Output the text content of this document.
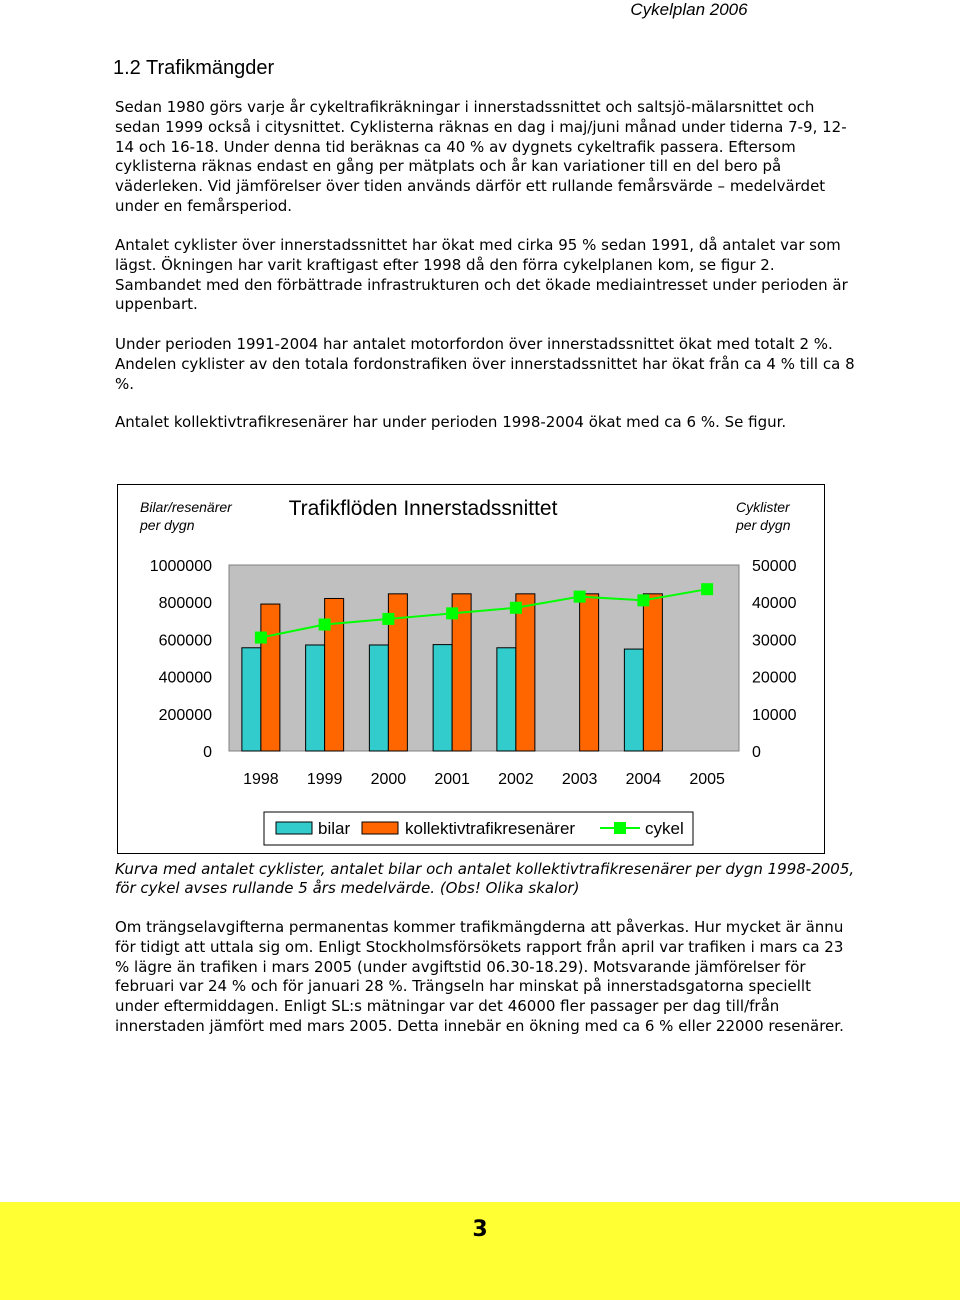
Cykelplan 2006
1.2 Trafikmängder

Sedan 1980 görs varje år cykeltrafikräkningar i innerstadssnittet och saltsjö-mälarsnittet och sedan 1999 också i citysnittet. Cyklisterna räknas en dag i maj/juni månad under tiderna 7-9, 12-14 och 16-18. Under denna tid beräknas ca 40 % av dygnets cykeltrafik passera. Eftersom cyklisterna räknas endast en gång per mätplats och år kan variationer till en del bero på väderleken. Vid jämförelser över tiden används därför ett rullande femårsvärde – medelvärdet under en femårsperiod.

Antalet cyklister över innerstadssnittet har ökat med cirka 95 % sedan 1991, då antalet var som lägst. Ökningen har varit kraftigast efter 1998 då den förra cykelplanen kom, se figur 2. Sambandet med den förbättrade infrastrukturen och det ökade mediaintresset under perioden är uppenbart.

Under perioden 1991-2004 har antalet motorfordon över innerstadssnittet ökat med totalt 2 %. Andelen cyklister av den totala fordonstrafiken över innerstadssnittet har ökat från ca 4 % till ca 8 %.

Antalet kollektivtrafikresenärer har under perioden 1998-2004 ökat med ca 6 %. Se figur.

Trafikflöden Innerstadssnittet
Bilar/resenärer
per dygn
Cyklister
per dygn
0
200000
400000
600000
800000
1000000
0
10000
20000
30000
40000
50000
1998 1999 2000 2001 2002 2003 2004 2005
bilar	kollektivtrafikresenärer	cykel

Kurva med antalet cyklister, antalet bilar och antalet kollektivtrafikresenärer per dygn 1998-2005, för cykel avses rullande 5 års medelvärde. (Obs! Olika skalor)

Om trängselavgifterna permanentas kommer trafikmängderna att påverkas. Hur mycket är ännu för tidigt att uttala sig om. Enligt Stockholmsförsökets rapport från april var trafiken i mars ca 23 % lägre än trafiken i mars 2005 (under avgiftstid 06.30-18.29). Motsvarande jämförelser för februari var 24 % och för januari 28 %. Trängseln har minskat på innerstadsgatorna speciellt under eftermiddagen. Enligt SL:s mätningar var det 46000 fler passager per dag till/från innerstaden jämfört med mars 2005. Detta innebär en ökning med ca 6 % eller 22000 resenärer.

3
